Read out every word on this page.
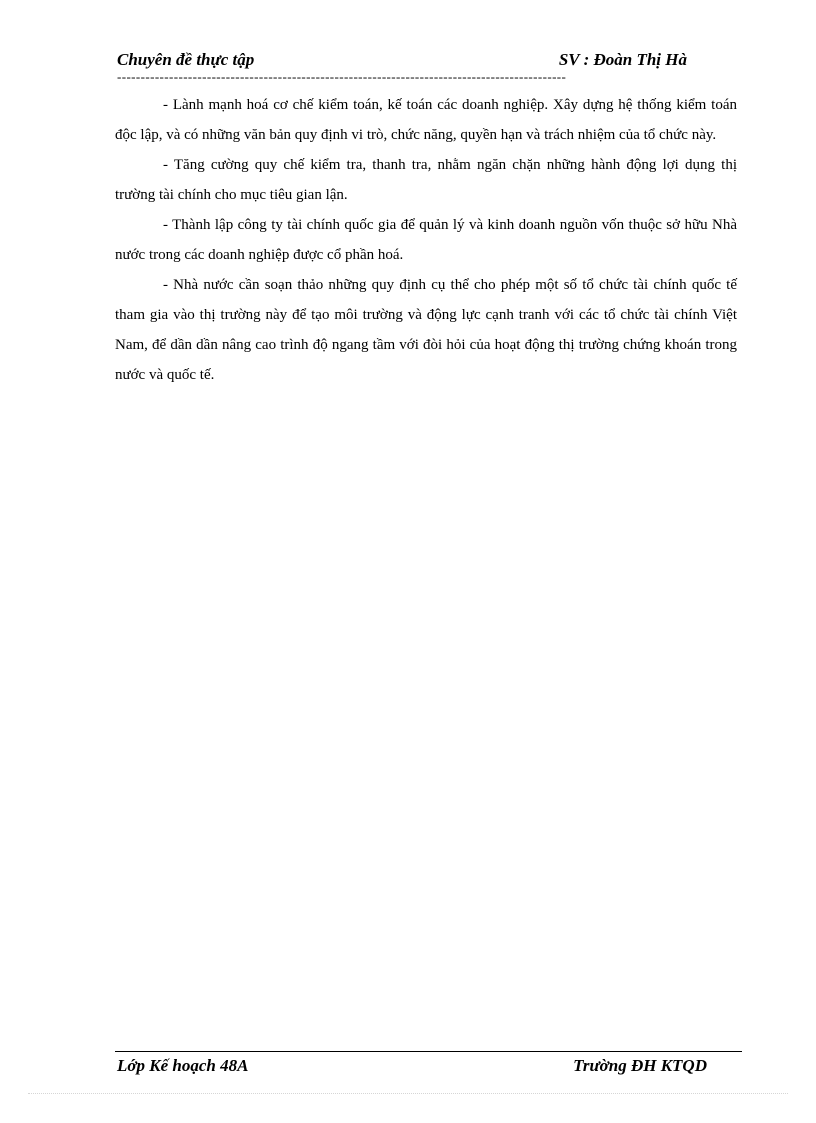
Chuyên đề thực tập	SV : Đoàn Thị Hà
-----------------------------------------------------------------------------------------------

- Lành mạnh hoá cơ chế kiểm toán, kế toán các doanh nghiệp. Xây dựng hệ thống kiểm toán độc lập, và có những văn bản quy định vi trò, chức năng, quyền hạn và trách nhiệm của tổ chức này.

- Tăng cường quy chế kiểm tra, thanh tra, nhằm ngăn chặn những hành động lợi dụng thị trường tài chính cho mục tiêu gian lận.

- Thành lập công ty tài chính quốc gia để quản lý và kinh doanh nguồn vốn thuộc sở hữu Nhà nước trong các doanh nghiệp được cổ phần hoá.

- Nhà nước cần soạn thảo những quy định cụ thể cho phép một số tổ chức tài chính quốc tế tham gia vào thị trường này để tạo môi trường và động lực cạnh tranh với các tổ chức tài chính Việt Nam, để dần dần nâng cao trình độ ngang tầm với đòi hỏi của hoạt động thị trường chứng khoán trong nước và quốc tế.

Lớp Kế hoạch 48A	Trường ĐH KTQD
